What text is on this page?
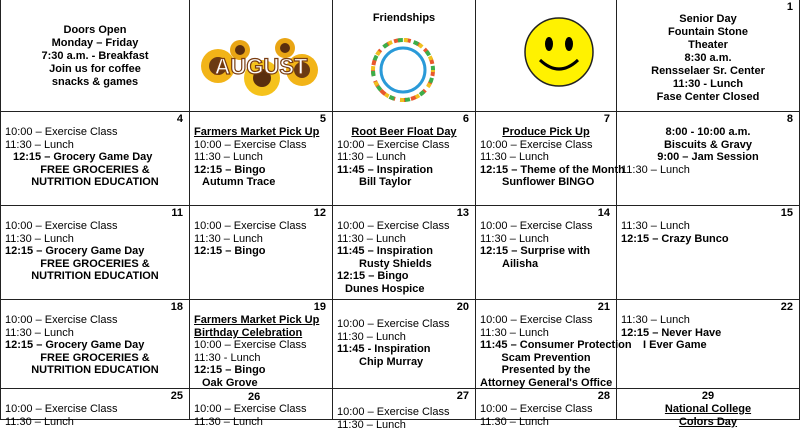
Doors Open
Monday – Friday
7:30 a.m. - Breakfast
Join us for coffee
snacks & games
AUGUST
Friendships
1
Senior Day
Fountain Stone
Theater
8:30 a.m.
Rensselaer Sr. Center
11:30 - Lunch
Fase Center Closed
4
10:00 – Exercise Class
11:30 – Lunch
12:15 – Grocery Game Day
FREE GROCERIES &
NUTRITION EDUCATION
5
Farmers Market Pick Up
10:00 – Exercise Class
11:30 – Lunch
12:15 – Bingo
Autumn Trace
6
Root Beer Float Day
10:00 – Exercise Class
11:30 – Lunch
11:45 – Inspiration
Bill Taylor
7
Produce Pick Up
10:00 – Exercise Class
11:30 – Lunch
12:15 – Theme of the Month
Sunflower BINGO
8
8:00 - 10:00 a.m.
Biscuits & Gravy
9:00 – Jam Session
11:30 – Lunch
11
10:00 – Exercise Class
11:30 – Lunch
12:15 – Grocery Game Day
FREE GROCERIES &
NUTRITION EDUCATION
12
10:00 – Exercise Class
11:30 – Lunch
12:15 – Bingo
13
10:00 – Exercise Class
11:30 – Lunch
11:45 – Inspiration
Rusty Shields
12:15 – Bingo
Dunes Hospice
14
10:00 – Exercise Class
11:30 – Lunch
12:15 – Surprise with
Ailisha
15
11:30 – Lunch
12:15 – Crazy Bunco
18
10:00 – Exercise Class
11:30 – Lunch
12:15 – Grocery Game Day
FREE GROCERIES &
NUTRITION EDUCATION
19
Farmers Market Pick Up
Birthday Celebration
10:00 – Exercise Class
11:30 - Lunch
12:15 – Bingo
Oak Grove
20
10:00 – Exercise Class
11:30 – Lunch
11:45 - Inspiration
Chip Murray
21
10:00 – Exercise Class
11:30 – Lunch
11:45 – Consumer Protection
Scam Prevention
Presented by the
Attorney General's Office
22
11:30 – Lunch
12:15 – Never Have
I Ever Game
25
10:00 – Exercise Class
11:30 – Lunch
26
10:00 – Exercise Class
11:30 – Lunch
27
10:00 – Exercise Class
11:30 – Lunch
28
10:00 – Exercise Class
11:30 – Lunch
29
National College
Colors Day
